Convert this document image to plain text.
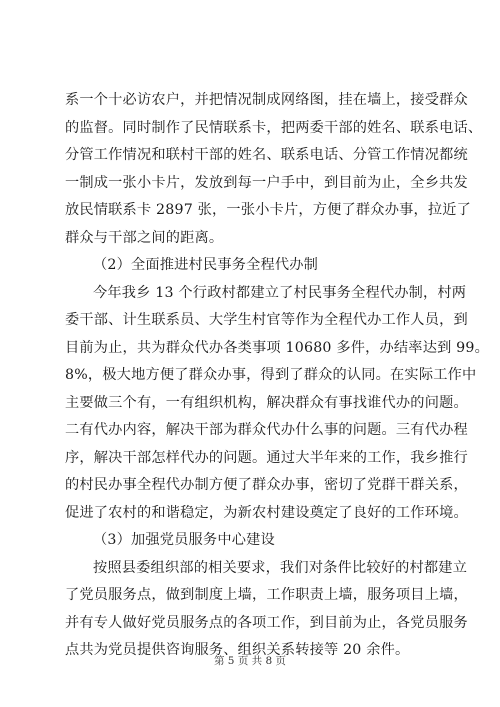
系一个十必访农户，并把情况制成网络图，挂在墙上，接受群众
的监督。同时制作了民情联系卡，把两委干部的姓名、联系电话、
分管工作情况和联村干部的姓名、联系电话、分管工作情况都统
一制成一张小卡片，发放到每一户手中，到目前为止，全乡共发
放民情联系卡 2897 张，一张小卡片，方便了群众办事，拉近了
群众与干部之间的距离。
（2）全面推进村民事务全程代办制
今年我乡 13 个行政村都建立了村民事务全程代办制，村两
委干部、计生联系员、大学生村官等作为全程代办工作人员，到
目前为止，共为群众代办各类事项 10680 多件，办结率达到 99。
8%，极大地方便了群众办事，得到了群众的认同。在实际工作中
主要做三个有，一有组织机构，解决群众有事找谁代办的问题。
二有代办内容，解决干部为群众代办什么事的问题。三有代办程
序，解决干部怎样代办的问题。通过大半年来的工作，我乡推行
的村民办事全程代办制方便了群众办事，密切了党群干群关系，
促进了农村的和谐稳定，为新农村建设奠定了良好的工作环境。
（3）加强党员服务中心建设
按照县委组织部的相关要求，我们对条件比较好的村都建立
了党员服务点，做到制度上墙，工作职责上墙，服务项目上墙，
并有专人做好党员服务点的各项工作，到目前为止，各党员服务
点共为党员提供咨询服务、组织关系转接等 20 余件。
第 5 页 共 8 页
